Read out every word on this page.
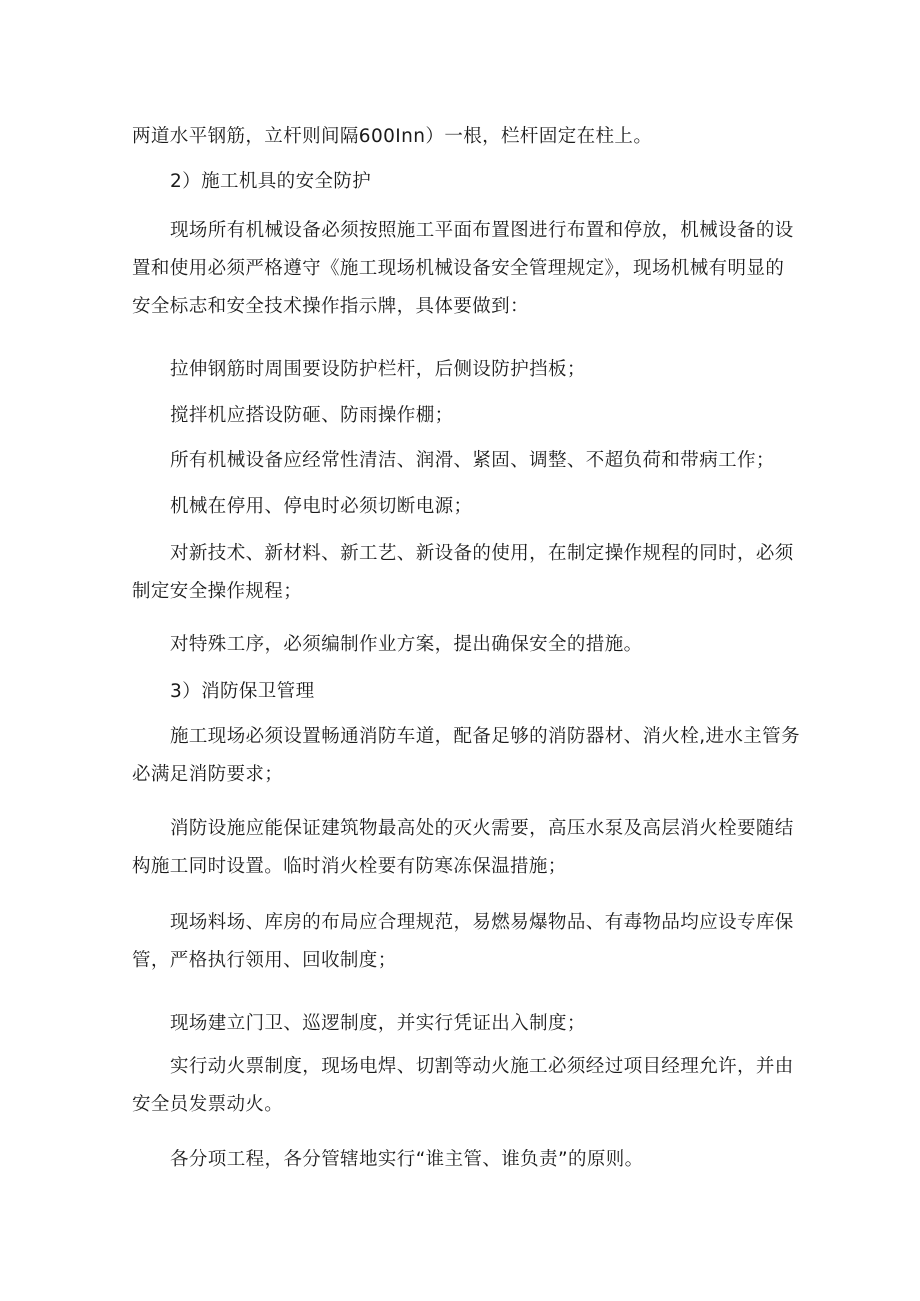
两道水平钢筋，立杆则间隔600Inn）一根，栏杆固定在柱上。

2）施工机具的安全防护

现场所有机械设备必须按照施工平面布置图进行布置和停放，机械设备的设置和使用必须严格遵守《施工现场机械设备安全管理规定》，现场机械有明显的安全标志和安全技术操作指示牌，具体要做到：

拉伸钢筋时周围要设防护栏杆，后侧设防护挡板；

搅拌机应搭设防砸、防雨操作棚；

所有机械设备应经常性清洁、润滑、紧固、调整、不超负荷和带病工作；

机械在停用、停电时必须切断电源；

对新技术、新材料、新工艺、新设备的使用，在制定操作规程的同时，必须制定安全操作规程；

对特殊工序，必须编制作业方案，提出确保安全的措施。

3）消防保卫管理

施工现场必须设置畅通消防车道，配备足够的消防器材、消火栓,进水主管务必满足消防要求；

消防设施应能保证建筑物最高处的灭火需要，高压水泵及高层消火栓要随结构施工同时设置。临时消火栓要有防寒冻保温措施；

现场料场、库房的布局应合理规范，易燃易爆物品、有毒物品均应设专库保管，严格执行领用、回收制度；

现场建立门卫、巡逻制度，并实行凭证出入制度；

实行动火票制度，现场电焊、切割等动火施工必须经过项目经理允许，并由安全员发票动火。

各分项工程，各分管辖地实行“谁主管、谁负责”的原则。
